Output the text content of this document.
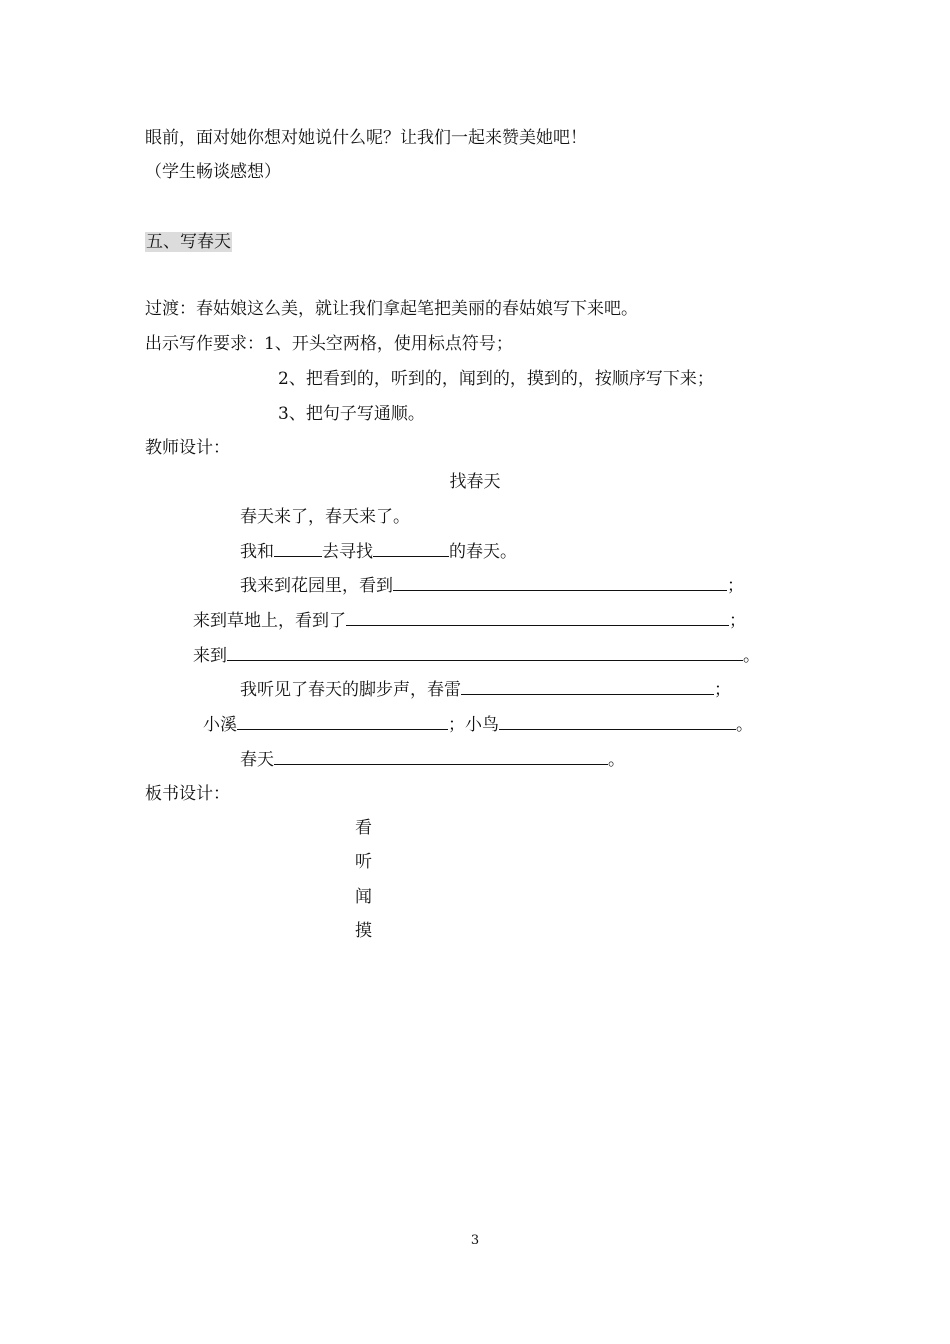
眼前，面对她你想对她说什么呢？让我们一起来赞美她吧！
（学生畅谈感想）
五、写春天
过渡：春姑娘这么美，就让我们拿起笔把美丽的春姑娘写下来吧。
出示写作要求：1、开头空两格，使用标点符号；
2、把看到的，听到的，闻到的，摸到的，按顺序写下来；
3、把句子写通顺。
教师设计：
找春天
春天来了，春天来了。
我和	去寻找	的春天。
我来到花园里，看到	；
来到草地上，看到了	；
来到	。
我听见了春天的脚步声，春雷	；
小溪	；小鸟	。
春天	。
板书设计：
看
听
闻
摸
3
